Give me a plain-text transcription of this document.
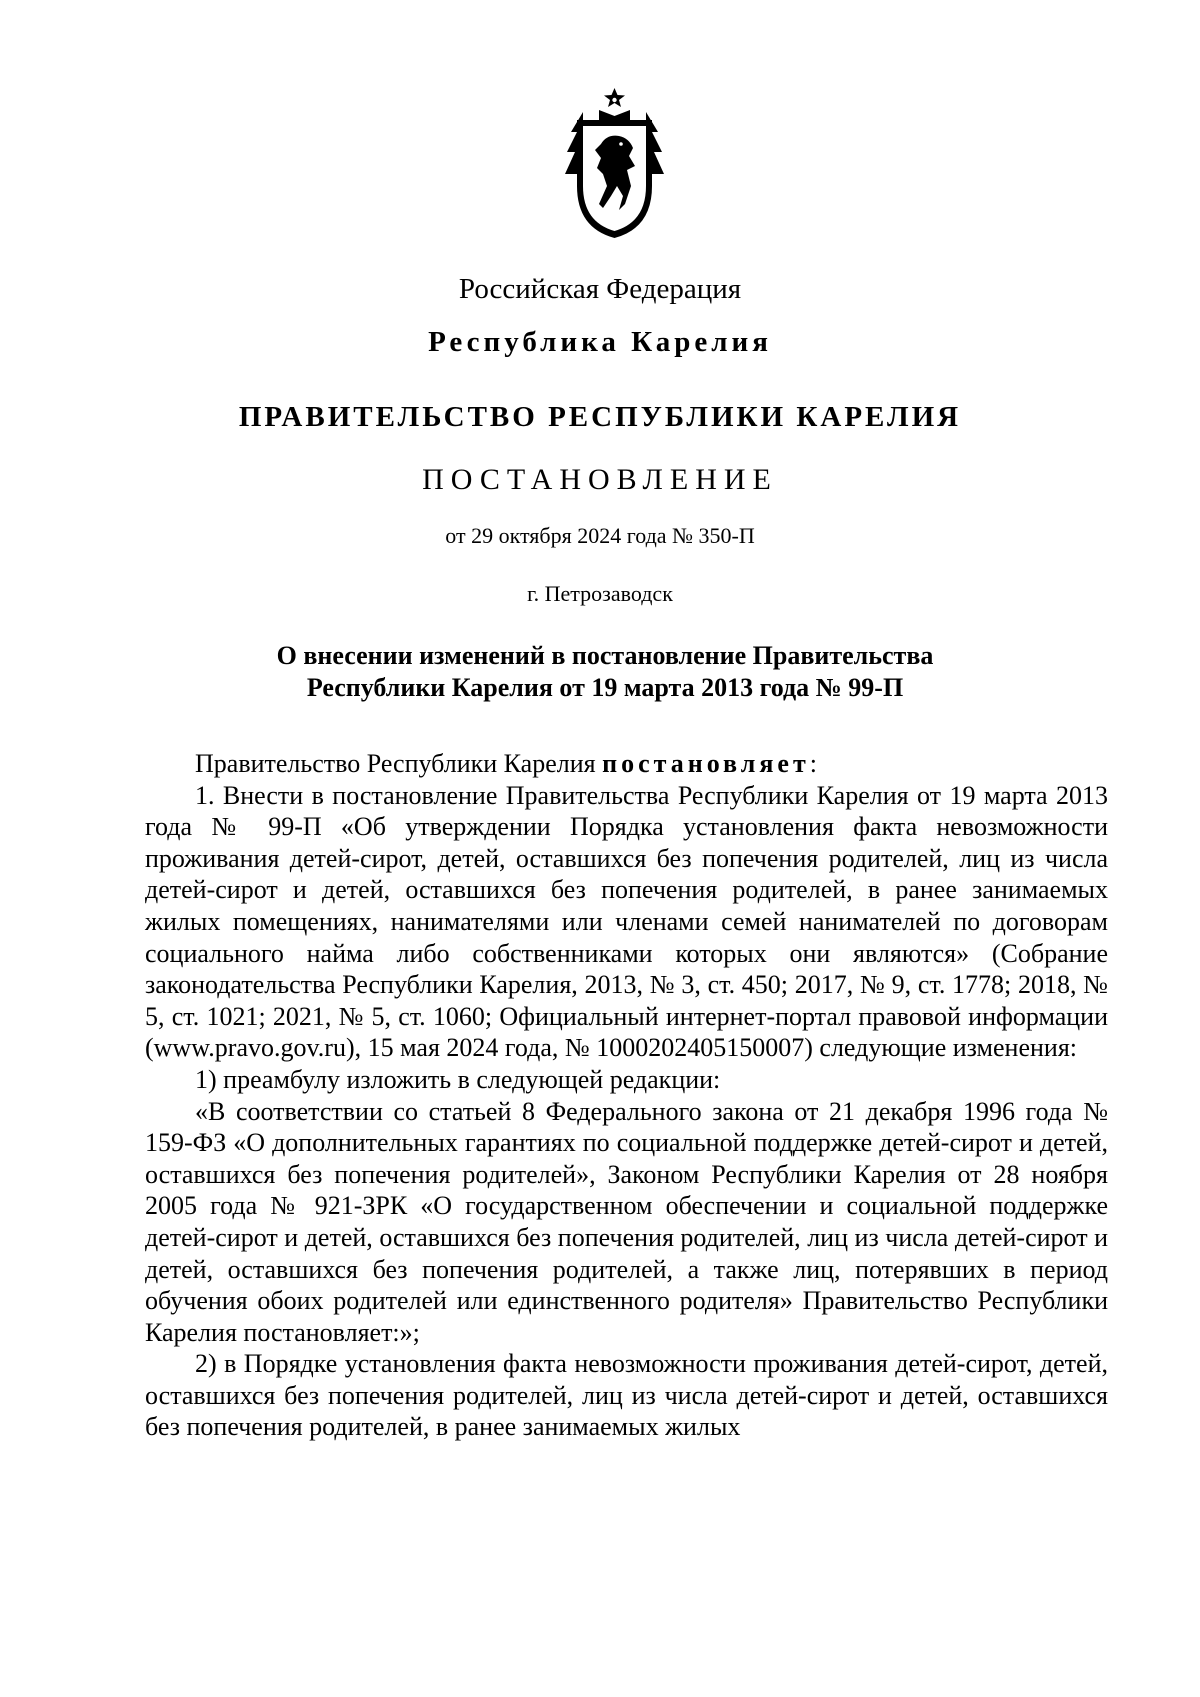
Российская Федерация

Республика Карелия

ПРАВИТЕЛЬСТВО РЕСПУБЛИКИ КАРЕЛИЯ

ПОСТАНОВЛЕНИЕ

от 29 октября 2024 года № 350-П

г. Петрозаводск

О внесении изменений в постановление Правительства
Республики Карелия от 19 марта 2013 года № 99-П

Правительство Республики Карелия постановляет:

1. Внести в постановление Правительства Республики Карелия от 19 марта 2013 года № 99-П «Об утверждении Порядка установления факта невозможности проживания детей-сирот, детей, оставшихся без попечения родителей, лиц из числа детей-сирот и детей, оставшихся без попечения родителей, в ранее занимаемых жилых помещениях, нанимателями или членами семей нанимателей по договорам социального найма либо собственниками которых они являются» (Собрание законодательства Республики Карелия, 2013, № 3, ст. 450; 2017, № 9, ст. 1778; 2018, № 5, ст. 1021; 2021, № 5, ст. 1060; Официальный интернет-портал правовой информации (www.pravo.gov.ru), 15 мая 2024 года, № 1000202405150007) следующие изменения:

1) преамбулу изложить в следующей редакции:

«В соответствии со статьей 8 Федерального закона от 21 декабря 1996 года № 159-ФЗ «О дополнительных гарантиях по социальной поддержке детей-сирот и детей, оставшихся без попечения родителей», Законом Республики Карелия от 28 ноября 2005 года № 921-ЗРК «О государственном обеспечении и социальной поддержке детей-сирот и детей, оставшихся без попечения родителей, лиц из числа детей-сирот и детей, оставшихся без попечения родителей, а также лиц, потерявших в период обучения обоих родителей или единственного родителя» Правительство Республики Карелия постановляет:»;

2) в Порядке установления факта невозможности проживания детей-сирот, детей, оставшихся без попечения родителей, лиц из числа детей-сирот и детей, оставшихся без попечения родителей, в ранее занимаемых жилых
